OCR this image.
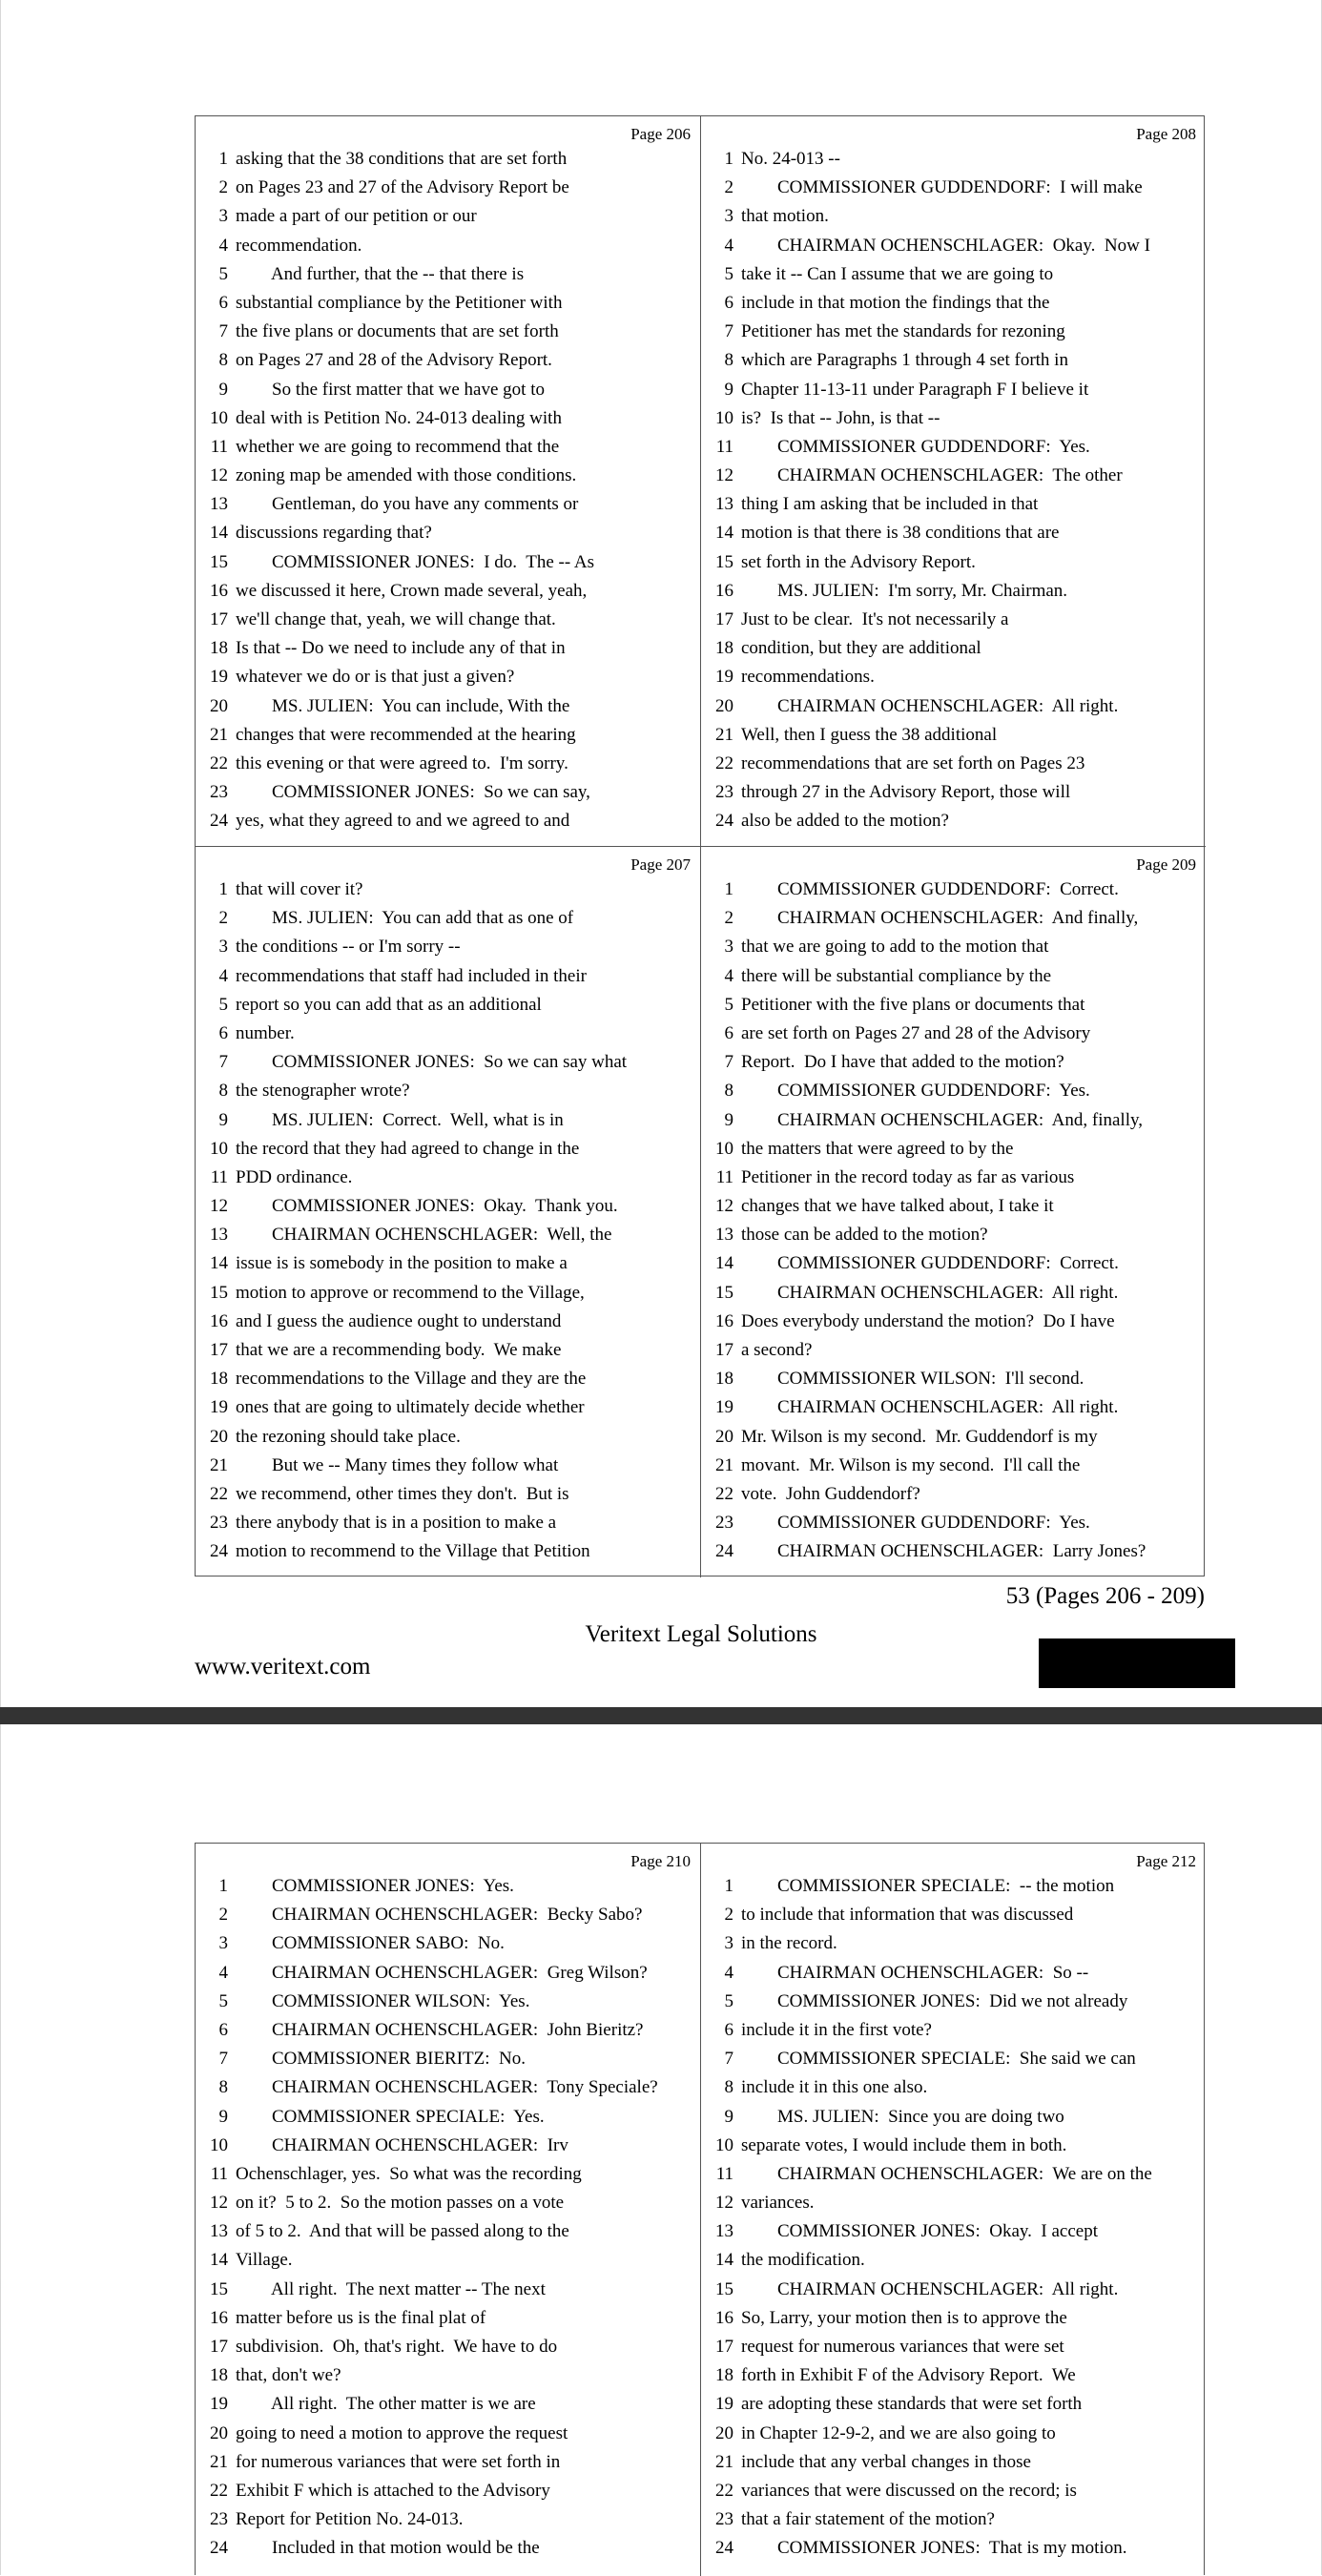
Page 206
1 asking that the 38 conditions that are set forth
2 on Pages 23 and 27 of the Advisory Report be
3 made a part of our petition or our
4 recommendation.
5 And further, that the -- that there is
6 substantial compliance by the Petitioner with
7 the five plans or documents that are set forth
8 on Pages 27 and 28 of the Advisory Report.
9 So the first matter that we have got to
10 deal with is Petition No. 24-013 dealing with
11 whether we are going to recommend that the
12 zoning map be amended with those conditions.
13 Gentleman, do you have any comments or
14 discussions regarding that?
15 COMMISSIONER JONES:  I do.  The -- As
16 we discussed it here, Crown made several, yeah,
17 we'll change that, yeah, we will change that.
18 Is that -- Do we need to include any of that in
19 whatever we do or is that just a given?
20 MS. JULIEN:  You can include, With the
21 changes that were recommended at the hearing
22 this evening or that were agreed to.  I'm sorry.
23 COMMISSIONER JONES:  So we can say,
24 yes, what they agreed to and we agreed to and
Page 208
1 No. 24-013 --
2 COMMISSIONER GUDDENDORF:  I will make
3 that motion.
4 CHAIRMAN OCHENSCHLAGER:  Okay.  Now I
5 take it -- Can I assume that we are going to
6 include in that motion the findings that the
7 Petitioner has met the standards for rezoning
8 which are Paragraphs 1 through 4 set forth in
9 Chapter 11-13-11 under Paragraph F I believe it
10 is?  Is that -- John, is that --
11 COMMISSIONER GUDDENDORF:  Yes.
12 CHAIRMAN OCHENSCHLAGER:  The other
13 thing I am asking that be included in that
14 motion is that there is 38 conditions that are
15 set forth in the Advisory Report.
16 MS. JULIEN:  I'm sorry, Mr. Chairman.
17 Just to be clear.  It's not necessarily a
18 condition, but they are additional
19 recommendations.
20 CHAIRMAN OCHENSCHLAGER:  All right.
21 Well, then I guess the 38 additional
22 recommendations that are set forth on Pages 23
23 through 27 in the Advisory Report, those will
24 also be added to the motion?
Page 207
1 that will cover it?
2 MS. JULIEN:  You can add that as one of
3 the conditions -- or I'm sorry --
4 recommendations that staff had included in their
5 report so you can add that as an additional
6 number.
7 COMMISSIONER JONES:  So we can say what
8 the stenographer wrote?
9 MS. JULIEN:  Correct.  Well, what is in
10 the record that they had agreed to change in the
11 PDD ordinance.
12 COMMISSIONER JONES:  Okay.  Thank you.
13 CHAIRMAN OCHENSCHLAGER:  Well, the
14 issue is is somebody in the position to make a
15 motion to approve or recommend to the Village,
16 and I guess the audience ought to understand
17 that we are a recommending body.  We make
18 recommendations to the Village and they are the
19 ones that are going to ultimately decide whether
20 the rezoning should take place.
21 But we -- Many times they follow what
22 we recommend, other times they don't.  But is
23 there anybody that is in a position to make a
24 motion to recommend to the Village that Petition
Page 209
1 COMMISSIONER GUDDENDORF:  Correct.
2 CHAIRMAN OCHENSCHLAGER:  And finally,
3 that we are going to add to the motion that
4 there will be substantial compliance by the
5 Petitioner with the five plans or documents that
6 are set forth on Pages 27 and 28 of the Advisory
7 Report.  Do I have that added to the motion?
8 COMMISSIONER GUDDENDORF:  Yes.
9 CHAIRMAN OCHENSCHLAGER:  And, finally,
10 the matters that were agreed to by the
11 Petitioner in the record today as far as various
12 changes that we have talked about, I take it
13 those can be added to the motion?
14 COMMISSIONER GUDDENDORF:  Correct.
15 CHAIRMAN OCHENSCHLAGER:  All right.
16 Does everybody understand the motion?  Do I have
17 a second?
18 COMMISSIONER WILSON:  I'll second.
19 CHAIRMAN OCHENSCHLAGER:  All right.
20 Mr. Wilson is my second.  Mr. Guddendorf is my
21 movant.  Mr. Wilson is my second.  I'll call the
22 vote.  John Guddendorf?
23 COMMISSIONER GUDDENDORF:  Yes.
24 CHAIRMAN OCHENSCHLAGER:  Larry Jones?
53 (Pages 206 - 209)
Veritext Legal Solutions
www.veritext.com
Page 210
1 COMMISSIONER JONES:  Yes.
2 CHAIRMAN OCHENSCHLAGER:  Becky Sabo?
3 COMMISSIONER SABO:  No.
4 CHAIRMAN OCHENSCHLAGER:  Greg Wilson?
5 COMMISSIONER WILSON:  Yes.
6 CHAIRMAN OCHENSCHLAGER:  John Bieritz?
7 COMMISSIONER BIERITZ:  No.
8 CHAIRMAN OCHENSCHLAGER:  Tony Speciale?
9 COMMISSIONER SPECIALE:  Yes.
10 CHAIRMAN OCHENSCHLAGER:  Irv
11 Ochenschlager, yes.  So what was the recording
12 on it?  5 to 2.  So the motion passes on a vote
13 of 5 to 2.  And that will be passed along to the
14 Village.
15 All right.  The next matter -- The next
16 matter before us is the final plat of
17 subdivision.  Oh, that's right.  We have to do
18 that, don't we?
19 All right.  The other matter is we are
20 going to need a motion to approve the request
21 for numerous variances that were set forth in
22 Exhibit F which is attached to the Advisory
23 Report for Petition No. 24-013.
24 Included in that motion would be the
Page 212
1 COMMISSIONER SPECIALE:  -- the motion
2 to include that information that was discussed
3 in the record.
4 CHAIRMAN OCHENSCHLAGER:  So --
5 COMMISSIONER JONES:  Did we not already
6 include it in the first vote?
7 COMMISSIONER SPECIALE:  She said we can
8 include it in this one also.
9 MS. JULIEN:  Since you are doing two
10 separate votes, I would include them in both.
11 CHAIRMAN OCHENSCHLAGER:  We are on the
12 variances.
13 COMMISSIONER JONES:  Okay.  I accept
14 the modification.
15 CHAIRMAN OCHENSCHLAGER:  All right.
16 So, Larry, your motion then is to approve the
17 request for numerous variances that were set
18 forth in Exhibit F of the Advisory Report.  We
19 are adopting these standards that were set forth
20 in Chapter 12-9-2, and we are also going to
21 include that any verbal changes in those
22 variances that were discussed on the record; is
23 that a fair statement of the motion?
24 COMMISSIONER JONES:  That is my motion.
